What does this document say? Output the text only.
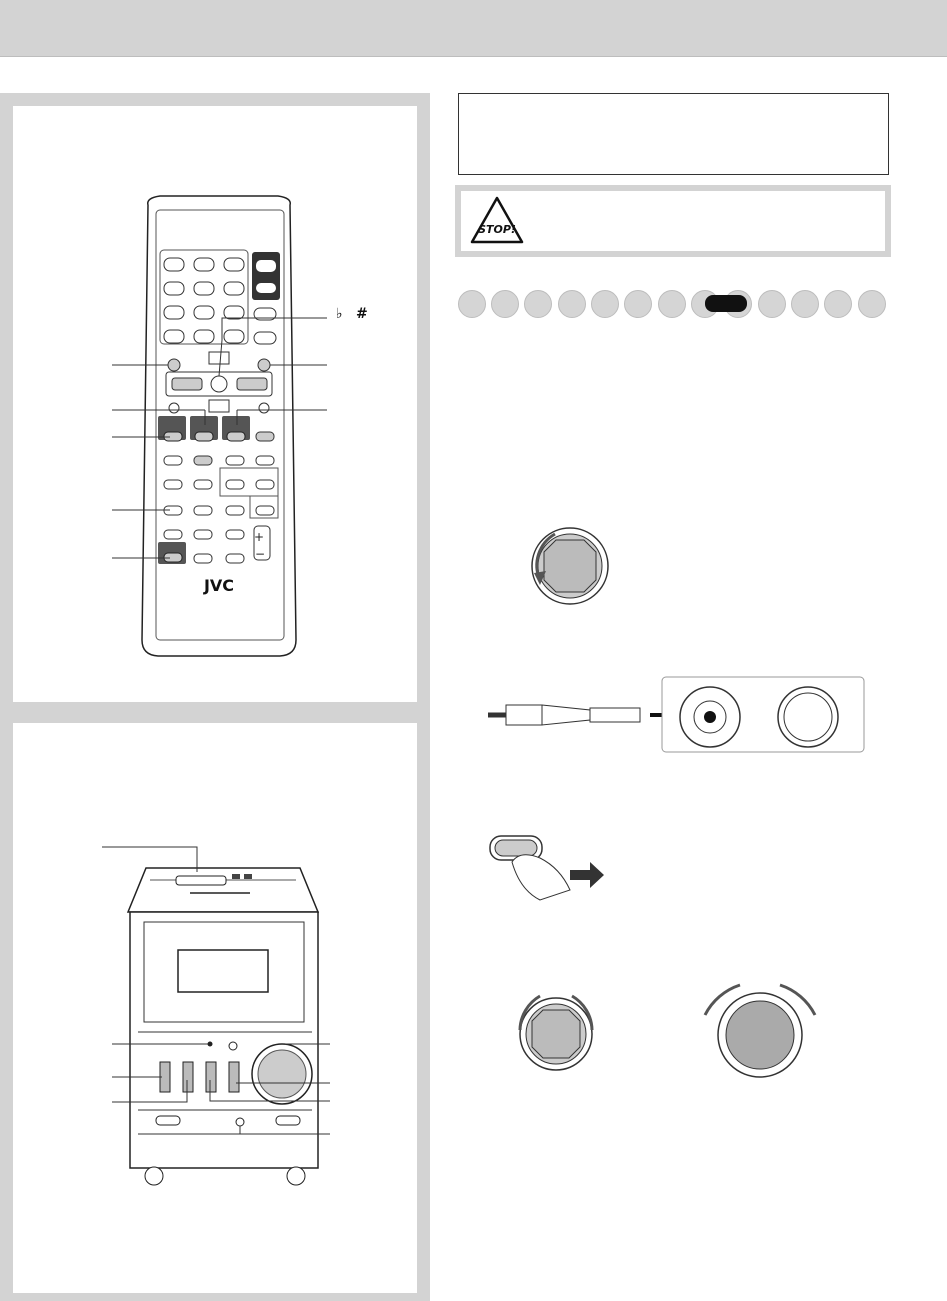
+
−
JVC
♭ #
STOP!
